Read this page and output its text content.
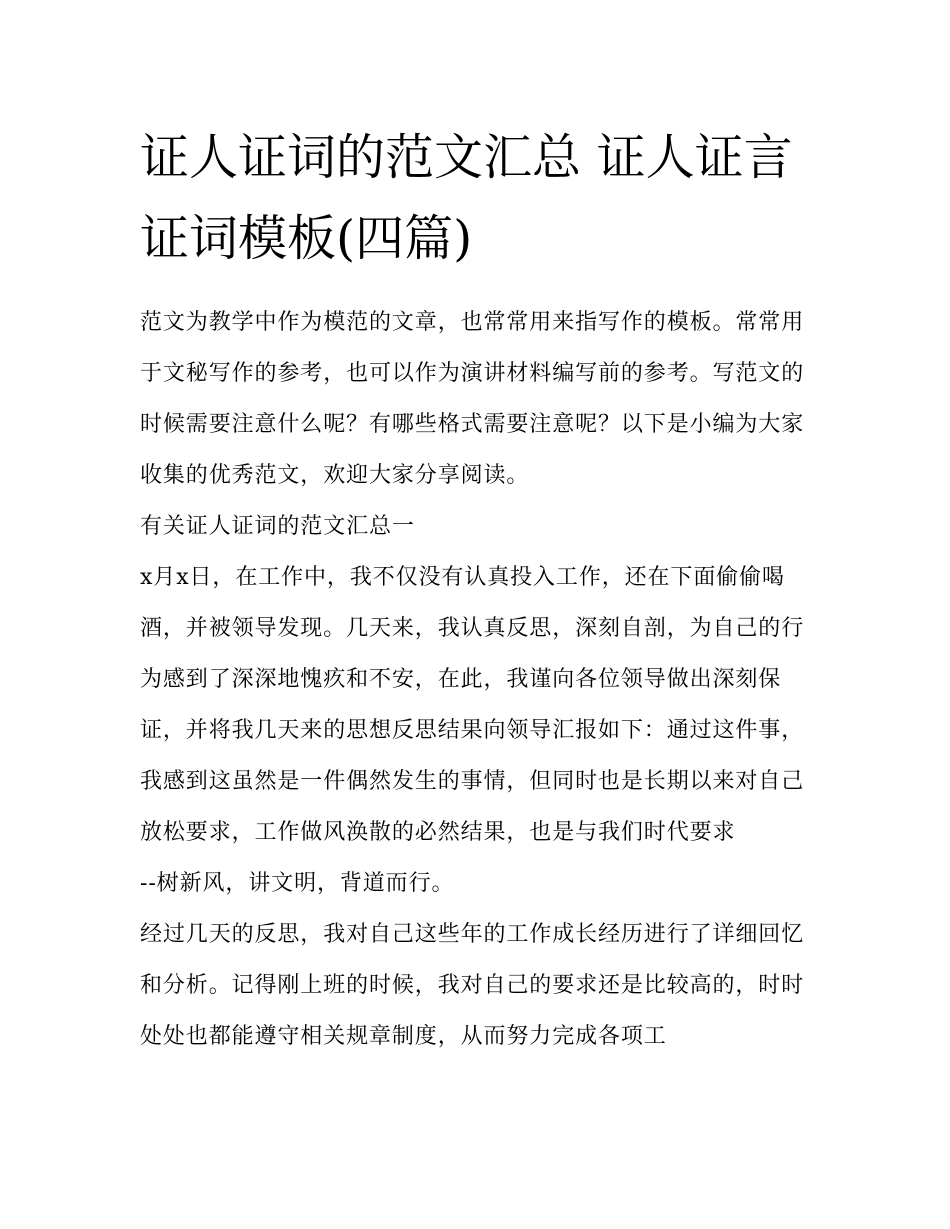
证人证词的范文汇总 证人证言证词模板(四篇)

范文为教学中作为模范的文章，也常常用来指写作的模板。常常用于文秘写作的参考，也可以作为演讲材料编写前的参考。写范文的时候需要注意什么呢？有哪些格式需要注意呢？以下是小编为大家收集的优秀范文，欢迎大家分享阅读。

有关证人证词的范文汇总一

x月x日，在工作中，我不仅没有认真投入工作，还在下面偷偷喝酒，并被领导发现。几天来，我认真反思，深刻自剖，为自己的行为感到了深深地愧疚和不安，在此，我谨向各位领导做出深刻保证，并将我几天来的思想反思结果向领导汇报如下：通过这件事，我感到这虽然是一件偶然发生的事情，但同时也是长期以来对自己放松要求，工作做风涣散的必然结果，也是与我们时代要求

--树新风，讲文明，背道而行。

经过几天的反思，我对自己这些年的工作成长经历进行了详细回忆和分析。记得刚上班的时候，我对自己的要求还是比较高的，时时处处也都能遵守相关规章制度，从而努力完成各项工
